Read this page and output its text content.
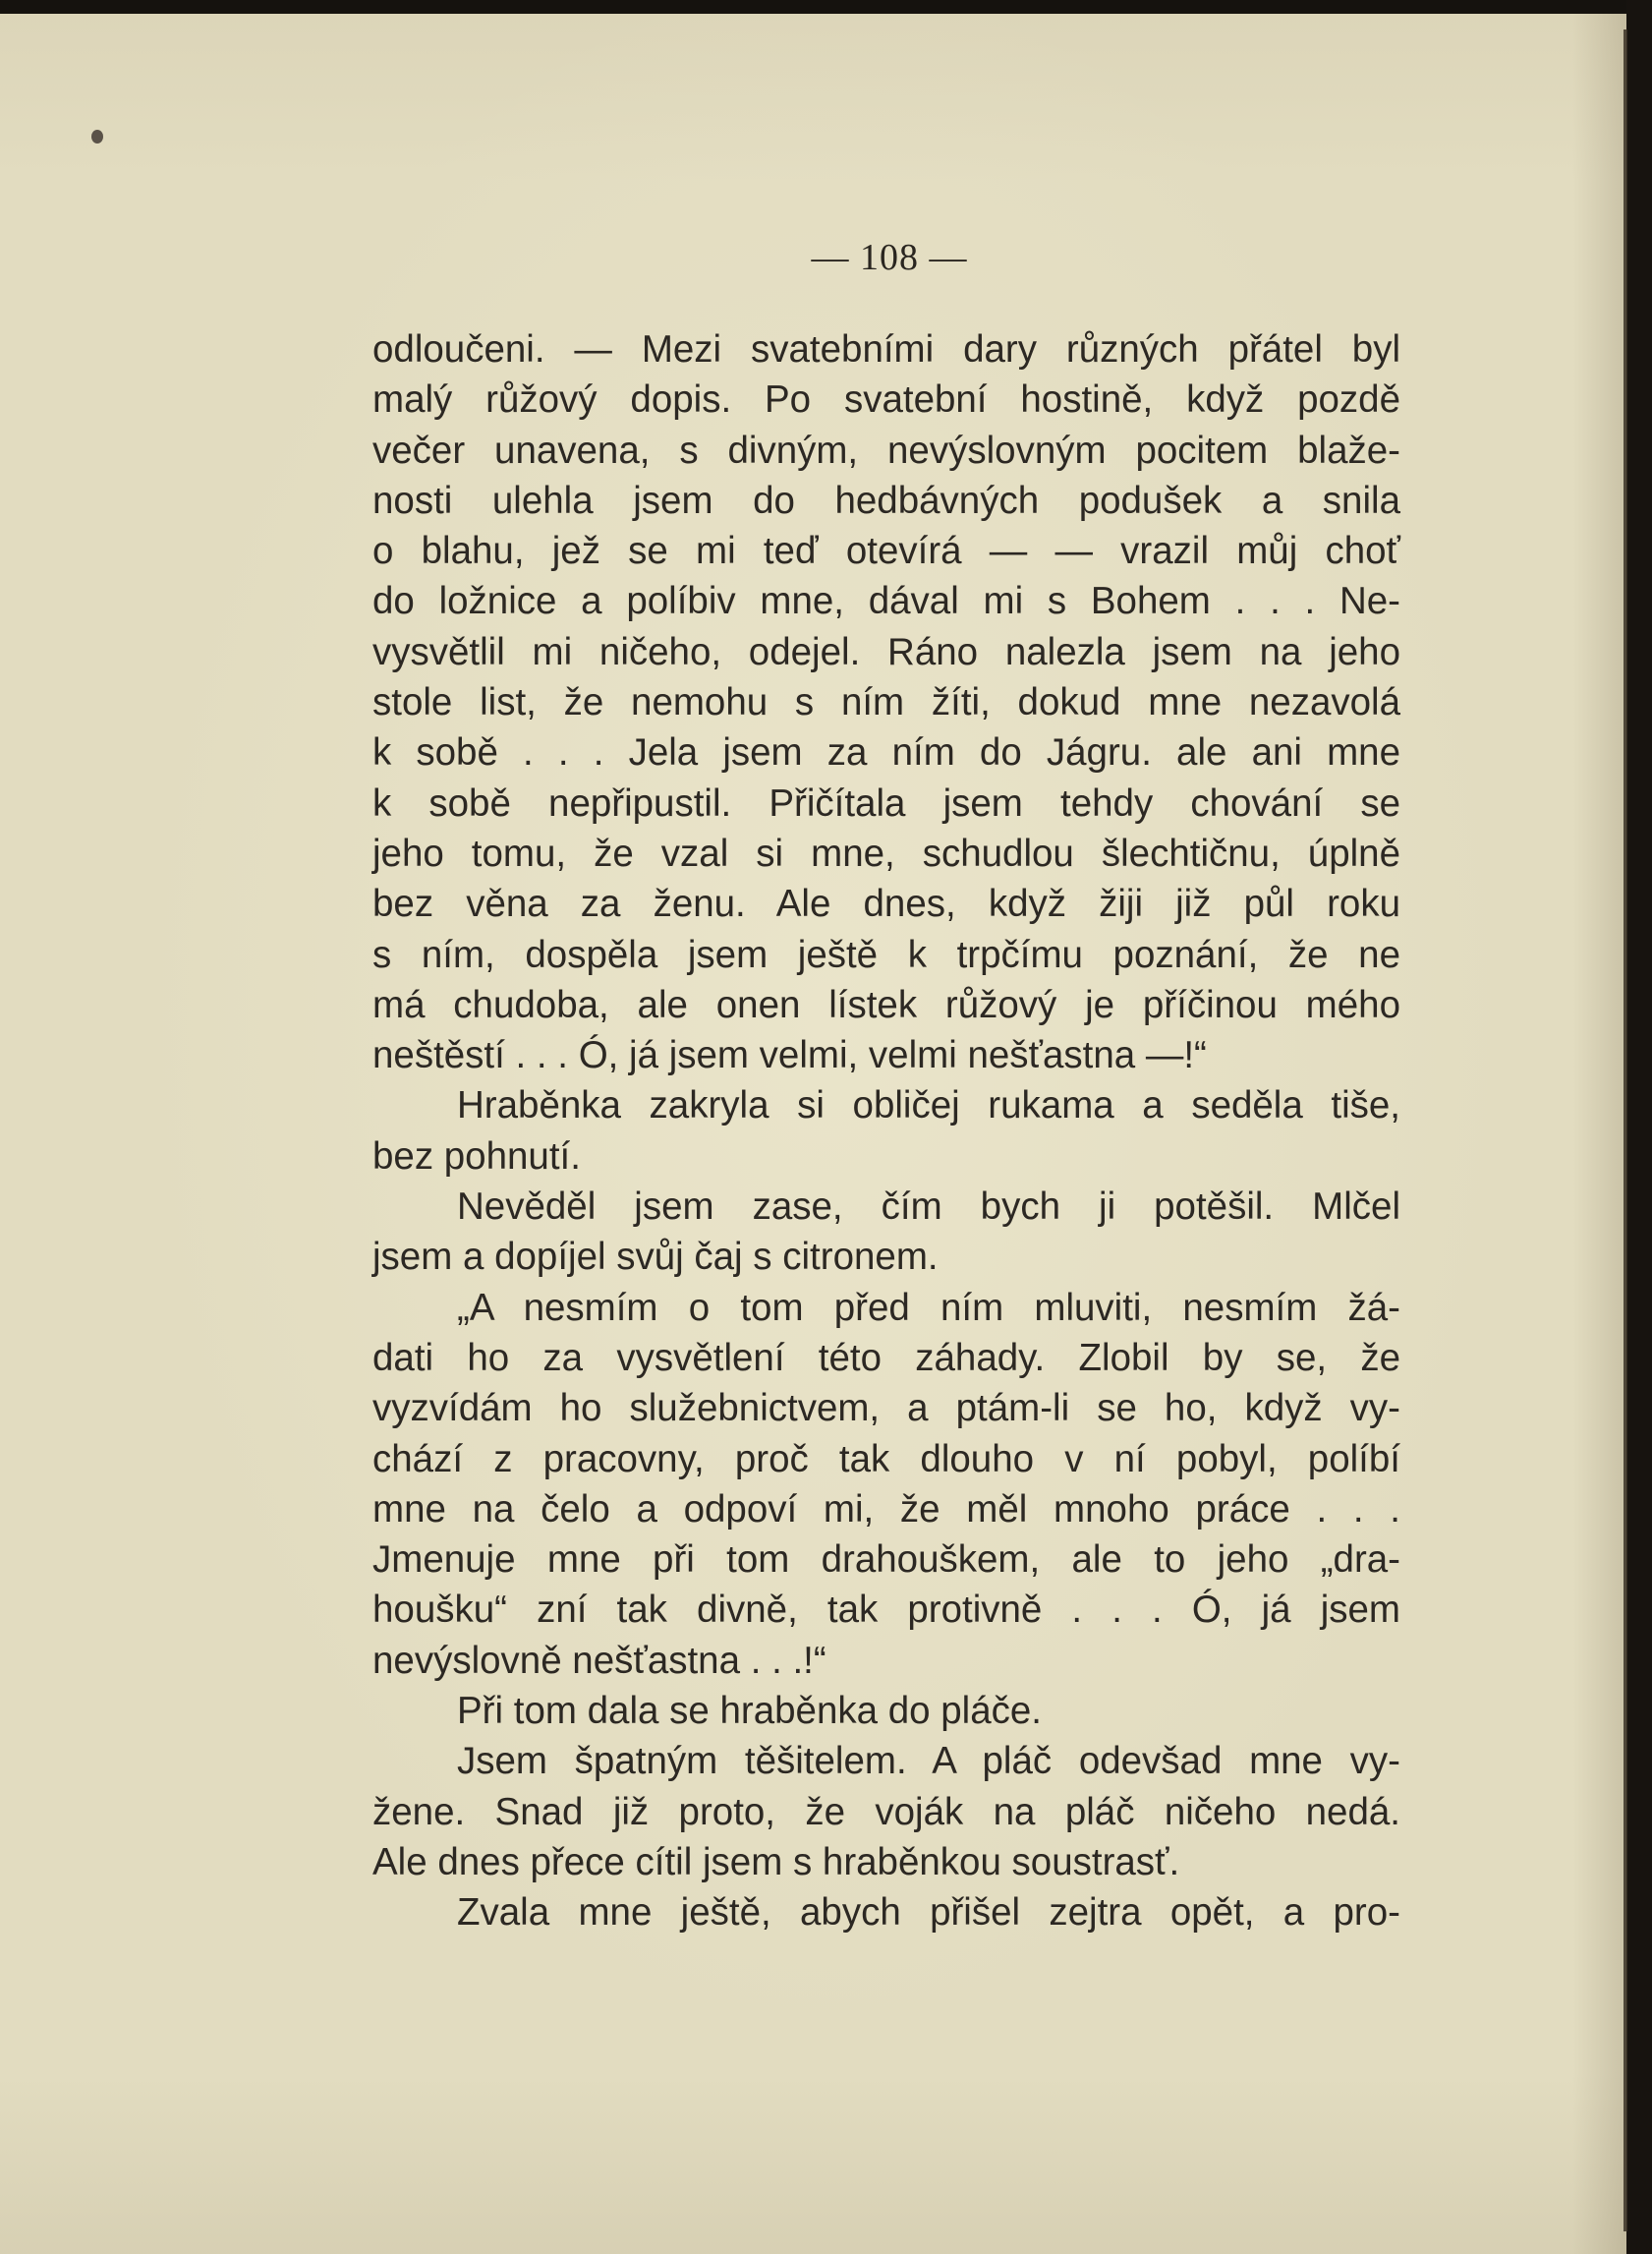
— 108 —
odloučeni. — Mezi svatebními dary různých přátel byl
malý růžový dopis. Po svatební hostině, když pozdě
večer unavena, s divným, nevýslovným pocitem blaže-
nosti ulehla jsem do hedbávných podušek a snila
o blahu, jež se mi teď otevírá — — vrazil můj choť
do ložnice a políbiv mne, dával mi s Bohem . . . Ne-
vysvětlil mi ničeho, odejel. Ráno nalezla jsem na jeho
stole list, že nemohu s ním žíti, dokud mne nezavolá
k sobě . . . Jela jsem za ním do Jágru. ale ani mne
k sobě nepřipustil. Přičítala jsem tehdy chování se
jeho tomu, že vzal si mne, schudlou šlechtičnu, úplně
bez věna za ženu. Ale dnes, když žiji již půl roku
s ním, dospěla jsem ještě k trpčímu poznání, že ne
má chudoba, ale onen lístek růžový je příčinou mého
neštěstí . . . Ó, já jsem velmi, velmi nešťastna —!“
Hraběnka zakryla si obličej rukama a seděla tiše,
bez pohnutí.
Nevěděl jsem zase, čím bych ji potěšil. Mlčel
jsem a dopíjel svůj čaj s citronem.
„A nesmím o tom před ním mluviti, nesmím žá-
dati ho za vysvětlení této záhady. Zlobil by se, že
vyzvídám ho služebnictvem, a ptám-li se ho, když vy-
chází z pracovny, proč tak dlouho v ní pobyl, políbí
mne na čelo a odpoví mi, že měl mnoho práce . . .
Jmenuje mne při tom drahouškem, ale to jeho „dra-
houšku“ zní tak divně, tak protivně . . . Ó, já jsem
nevýslovně nešťastna . . .!“
Při tom dala se hraběnka do pláče.
Jsem špatným těšitelem. A pláč odevšad mne vy-
žene. Snad již proto, že voják na pláč ničeho nedá.
Ale dnes přece cítil jsem s hraběnkou soustrasť.
Zvala mne ještě, abych přišel zejtra opět, a pro-
